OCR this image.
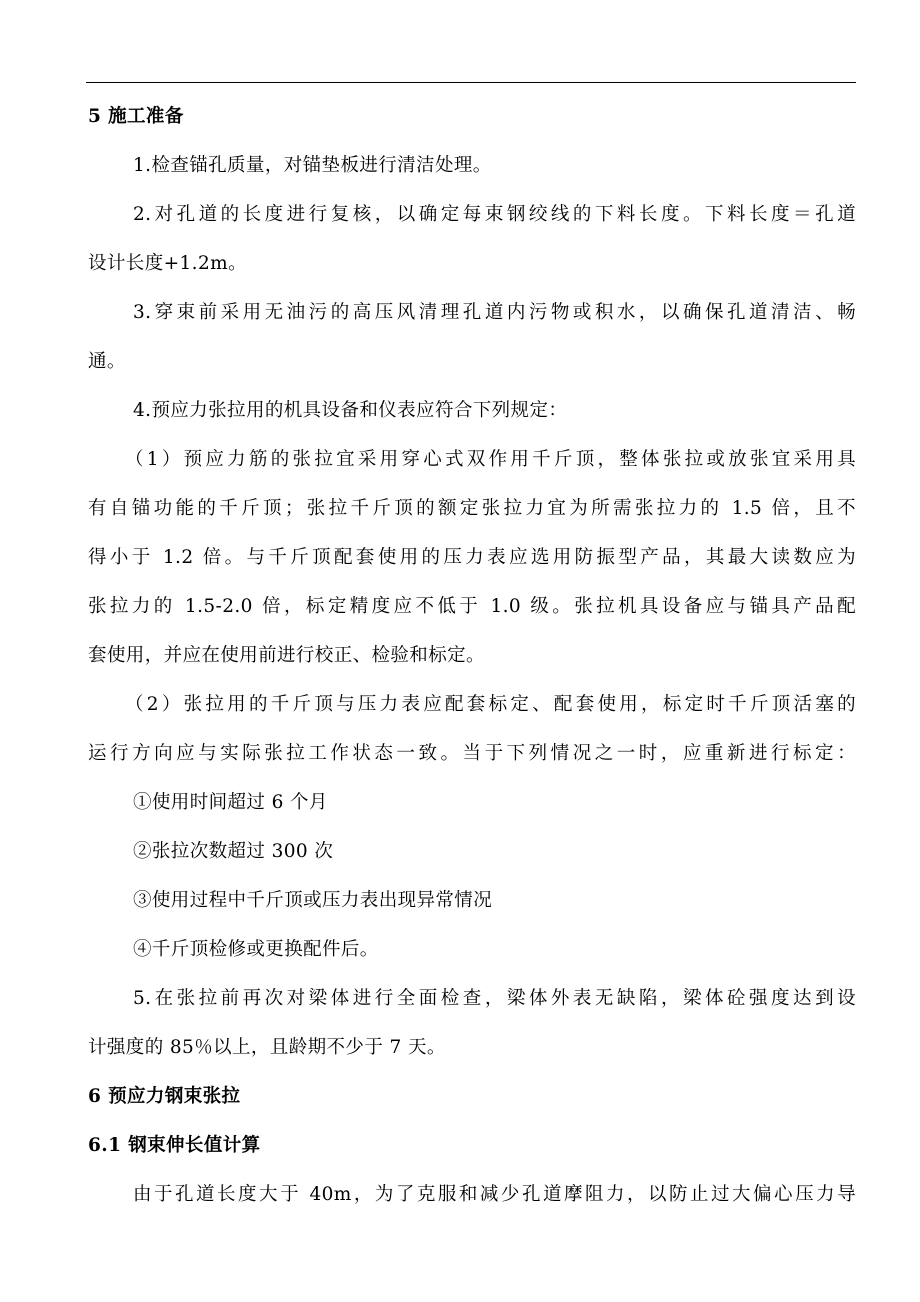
5 施工准备
1.检查锚孔质量，对锚垫板进行清洁处理。
2.对孔道的长度进行复核，以确定每束钢绞线的下料长度。下料长度＝孔道
设计长度+1.2m。
3.穿束前采用无油污的高压风清理孔道内污物或积水，以确保孔道清洁、畅
通。
4.预应力张拉用的机具设备和仪表应符合下列规定：
（1）预应力筋的张拉宜采用穿心式双作用千斤顶，整体张拉或放张宜采用具
有自锚功能的千斤顶；张拉千斤顶的额定张拉力宜为所需张拉力的 1.5 倍，且不
得小于 1.2 倍。与千斤顶配套使用的压力表应选用防振型产品，其最大读数应为
张拉力的 1.5-2.0 倍，标定精度应不低于 1.0 级。张拉机具设备应与锚具产品配
套使用，并应在使用前进行校正、检验和标定。
（2）张拉用的千斤顶与压力表应配套标定、配套使用，标定时千斤顶活塞的
运行方向应与实际张拉工作状态一致。当于下列情况之一时，应重新进行标定：
①使用时间超过 6 个月
②张拉次数超过 300 次
③使用过程中千斤顶或压力表出现异常情况
④千斤顶检修或更换配件后。
5.在张拉前再次对梁体进行全面检查，梁体外表无缺陷，梁体砼强度达到设
计强度的 85％以上，且龄期不少于 7 天。
6 预应力钢束张拉
6.1 钢束伸长值计算
由于孔道长度大于 40m，为了克服和减少孔道摩阻力，以防止过大偏心压力导
